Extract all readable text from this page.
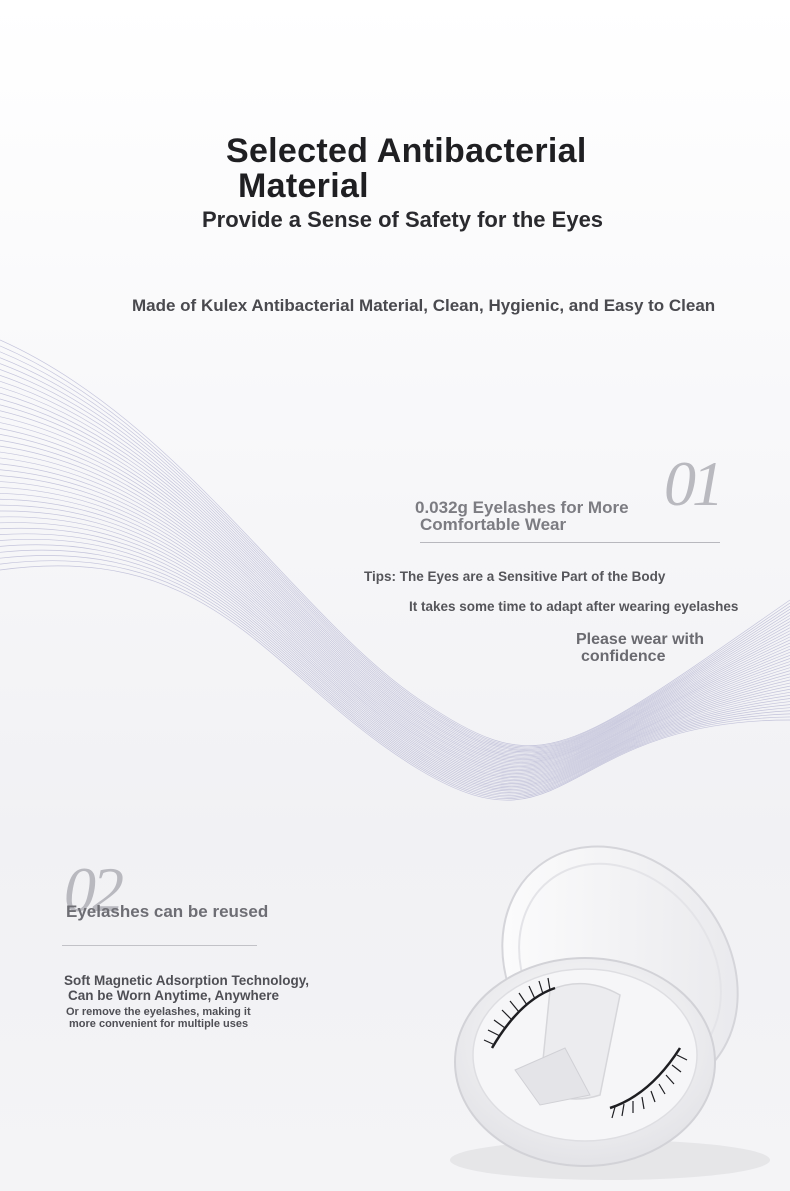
Selected Antibacterial
Material
Provide a Sense of Safety for the Eyes
Made of Kulex Antibacterial Material, Clean, Hygienic, and Easy to Clean
01
0.032g Eyelashes for More
Comfortable Wear
Tips: The Eyes are a Sensitive Part of the Body
It takes some time to adapt after wearing eyelashes
Please wear with
confidence
02
Eyelashes can be reused
Soft Magnetic Adsorption Technology,
Can be Worn Anytime, Anywhere
Or remove the eyelashes, making it
more convenient for multiple uses
